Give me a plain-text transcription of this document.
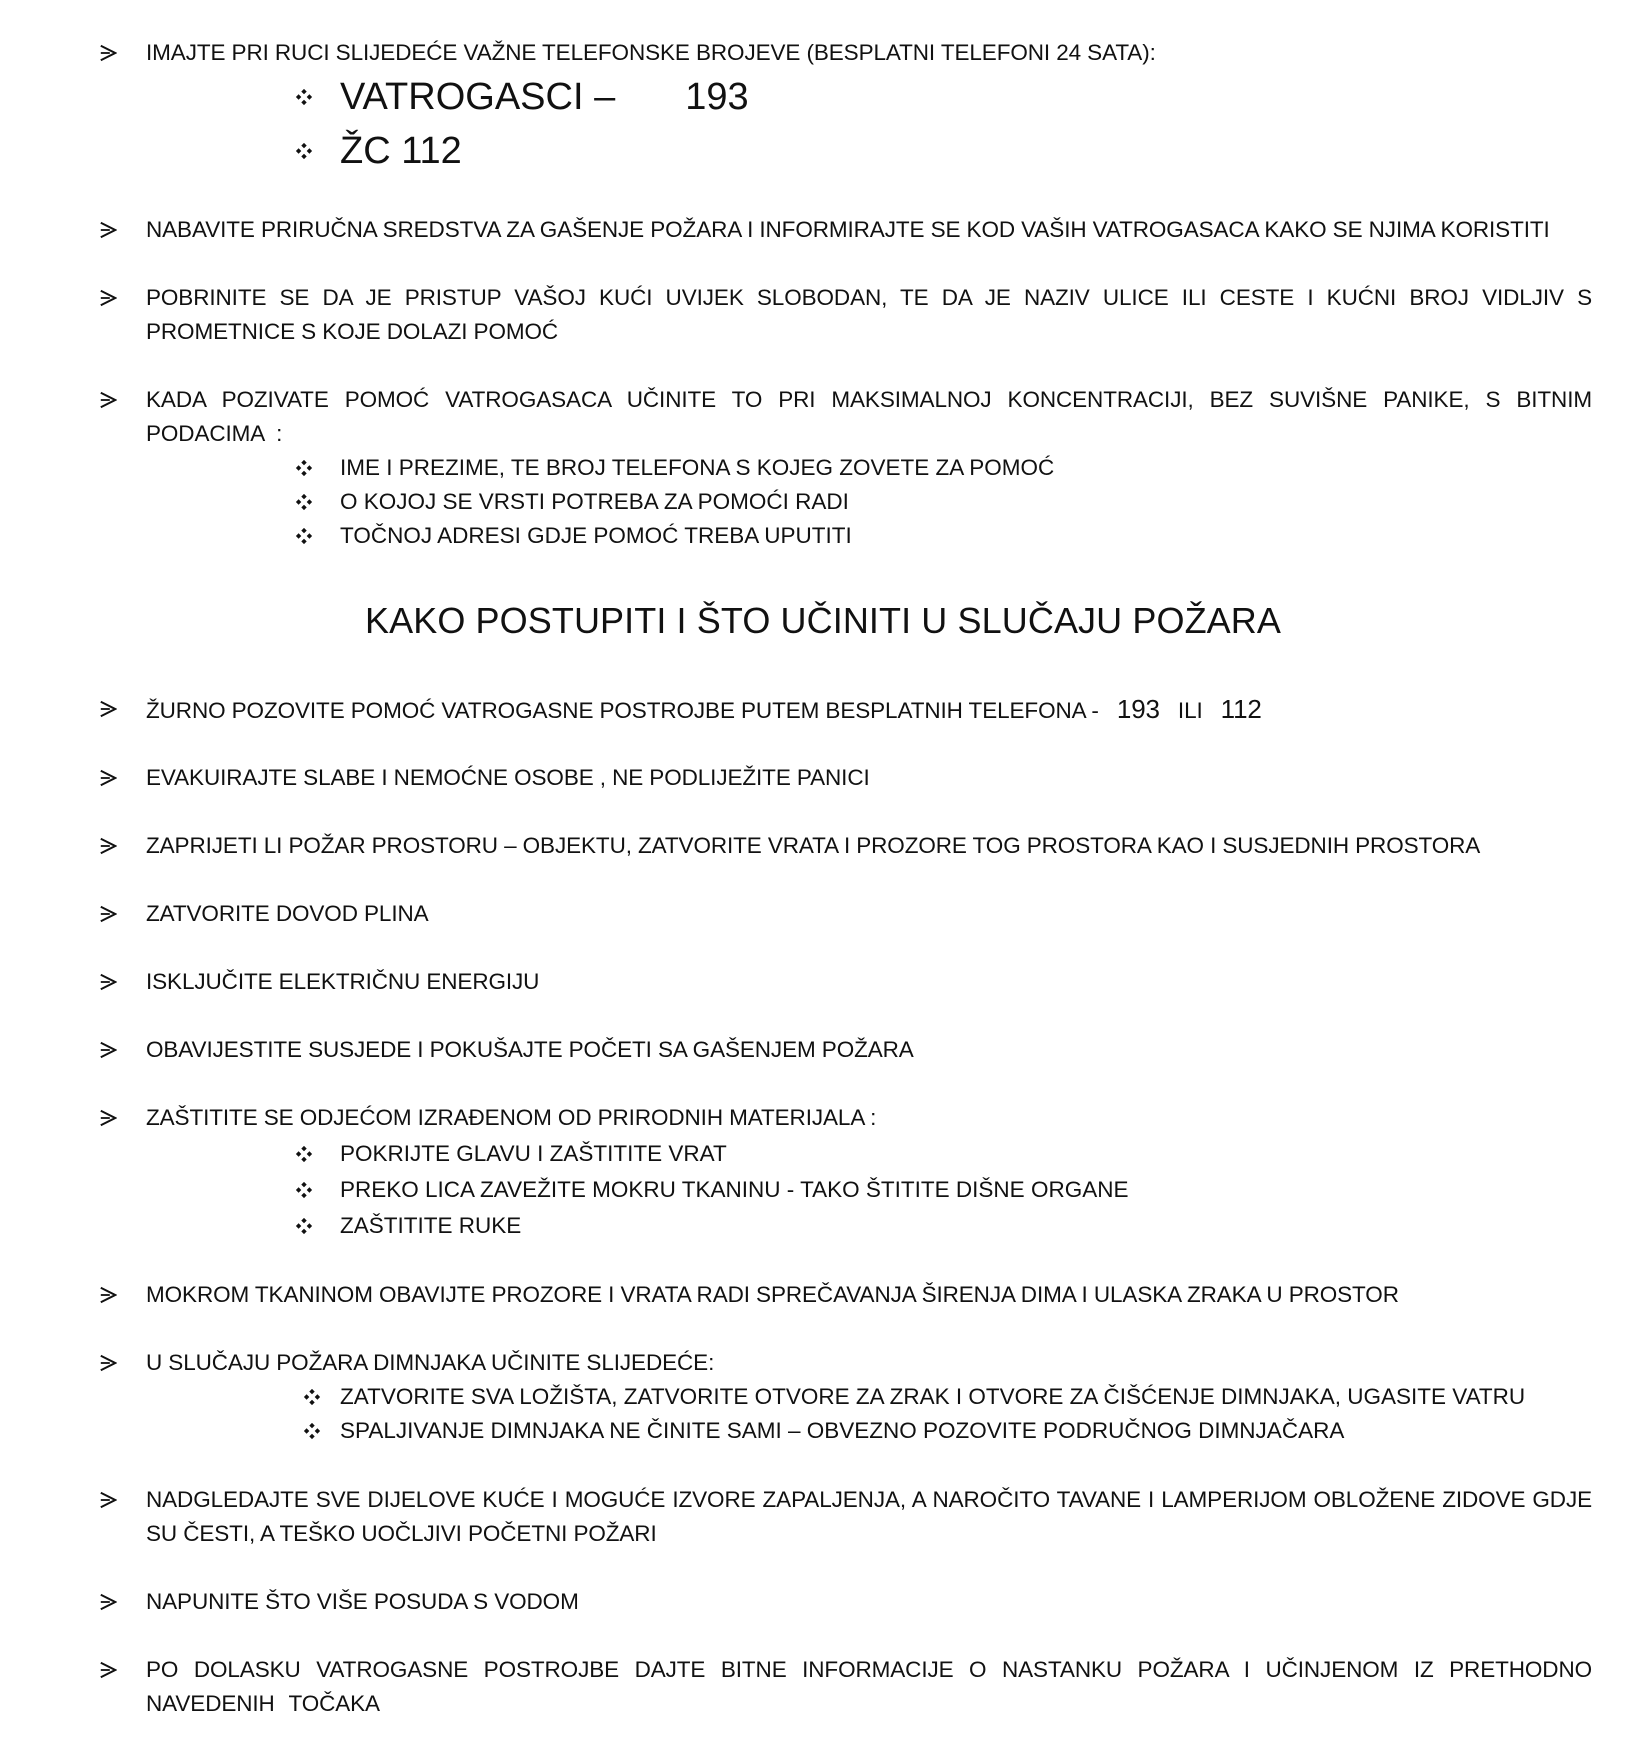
IMAJTE PRI RUCI SLIJEDEĆE VAŽNE TELEFONSKE BROJEVE (BESPLATNI TELEFONI 24 SATA):
VATROGASCI – 193
ŽC 112
NABAVITE PRIRUČNA SREDSTVA ZA GAŠENJE POŽARA I INFORMIRAJTE SE KOD VAŠIH VATROGASACA KAKO SE NJIMA KORISTITI
POBRINITE SE DA JE PRISTUP VAŠOJ KUĆI UVIJEK SLOBODAN, TE DA JE NAZIV ULICE ILI CESTE I KUĆNI BROJ VIDLJIV S PROMETNICE S KOJE DOLAZI POMOĆ
KADA POZIVATE POMOĆ VATROGASACA UČINITE TO PRI MAKSIMALNOJ KONCENTRACIJI, BEZ SUVIŠNE PANIKE, S BITNIM PODACIMA :
IME I PREZIME, TE BROJ TELEFONA S KOJEG ZOVETE ZA POMOĆ
O KOJOJ SE VRSTI POTREBA ZA POMOĆI RADI
TOČNOJ ADRESI GDJE POMOĆ TREBA UPUTITI
KAKO POSTUPITI I ŠTO UČINITI U SLUČAJU POŽARA
ŽURNO POZOVITE POMOĆ VATROGASNE POSTROJBE PUTEM BESPLATNIH TELEFONA - 193 ILI 112
EVAKUIRAJTE SLABE I NEMOĆNE OSOBE , NE PODLIJEŽITE PANICI
ZAPRIJETI LI POŽAR PROSTORU – OBJEKTU, ZATVORITE VRATA I PROZORE TOG PROSTORA KAO I SUSJEDNIH PROSTORA
ZATVORITE DOVOD PLINA
ISKLJUČITE ELEKTRIČNU ENERGIJU
OBAVIJESTITE SUSJEDE I POKUŠAJTE POČETI SA GAŠENJEM POŽARA
ZAŠTITITE SE ODJEĆOM IZRAĐENOM OD PRIRODNIH MATERIJALA :
POKRIJTE GLAVU I ZAŠTITITE VRAT
PREKO LICA ZAVEŽITE MOKRU TKANINU - TAKO ŠTITITE DIŠNE ORGANE
ZAŠTITITE RUKE
MOKROM TKANINOM OBAVIJTE PROZORE I VRATA RADI SPREČAVANJA ŠIRENJA DIMA I ULASKA ZRAKA U PROSTOR
U SLUČAJU POŽARA DIMNJAKA UČINITE SLIJEDEĆE:
ZATVORITE SVA LOŽIŠTA, ZATVORITE OTVORE ZA ZRAK I OTVORE ZA ČIŠĆENJE DIMNJAKA, UGASITE VATRU
SPALJIVANJE DIMNJAKA NE ČINITE SAMI – OBVEZNO POZOVITE PODRUČNOG DIMNJAČARA
NADGLEDAJTE SVE DIJELOVE KUĆE I MOGUĆE IZVORE ZAPALJENJA, A NAROČITO TAVANE I LAMPERIJOM OBLOŽENE ZIDOVE GDJE SU ČESTI, A TEŠKO UOČLJIVI POČETNI POŽARI
NAPUNITE ŠTO VIŠE POSUDA S VODOM
PO DOLASKU VATROGASNE POSTROJBE DAJTE BITNE INFORMACIJE O NASTANKU POŽARA I UČINJENOM IZ PRETHODNO NAVEDENIH TOČAKA
